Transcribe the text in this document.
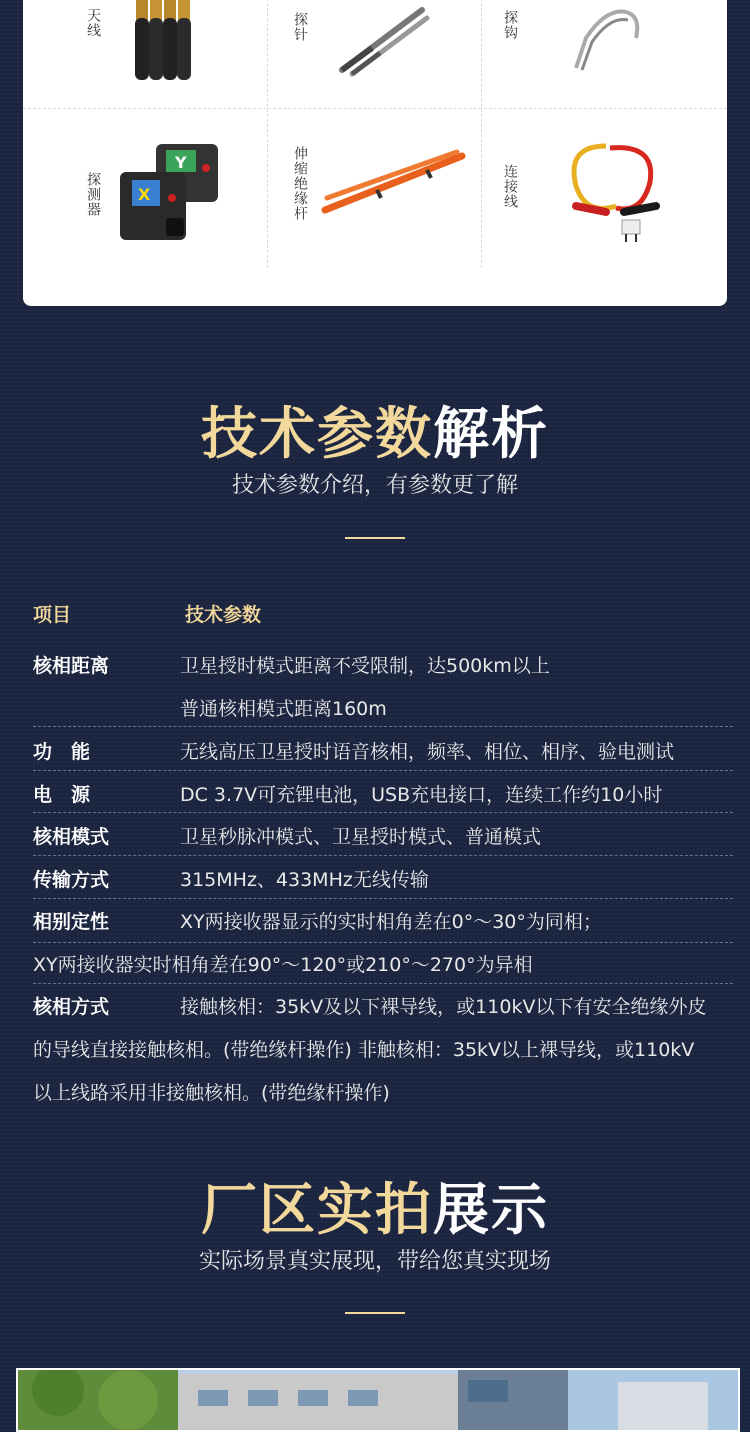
天线	探针	探钩
探测器
Y
X	伸缩绝缘杆	连接线
技术参数解析
技术参数介绍，有参数更了解
项目	技术参数
核相距离	卫星授时模式距离不受限制，达500km以上
普通核相模式距离160m
功　能	无线高压卫星授时语音核相，频率、相位、相序、验电测试
电　源	DC 3.7V可充锂电池，USB充电接口，连续工作约10小时
核相模式	卫星秒脉冲模式、卫星授时模式、普通模式
传输方式	315MHz、433MHz无线传输
相别定性	XY两接收器显示的实时相角差在0°～30°为同相；
XY两接收器实时相角差在90°～120°或210°～270°为异相
核相方式	接触核相：35kV及以下裸导线，或110kV以下有安全绝缘外皮
的导线直接接触核相。(带绝缘杆操作) 非触核相：35kV以上裸导线，或110kV
以上线路采用非接触核相。(带绝缘杆操作)
厂区实拍展示
实际场景真实展现，带给您真实现场
